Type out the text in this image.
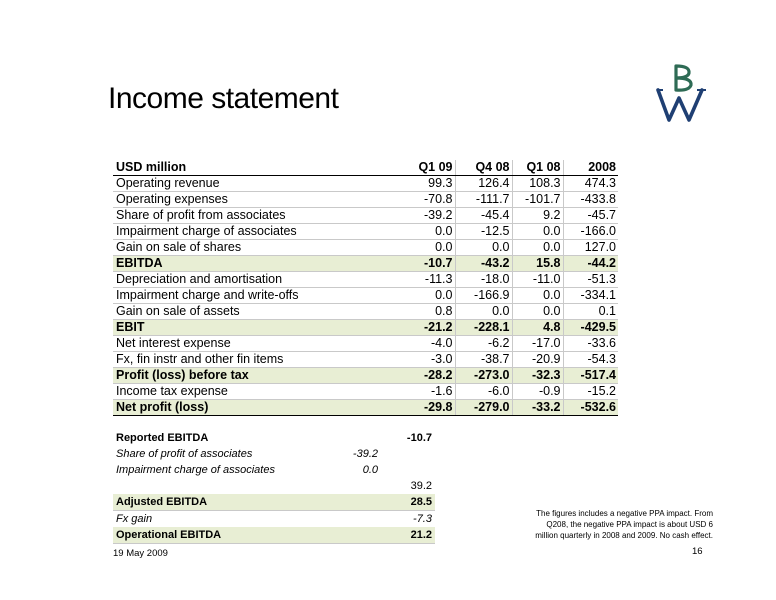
Income statement
USD million	Q1 09	Q4 08	Q1 08	2008
Operating revenue	99.3	126.4	108.3	474.3
Operating expenses	-70.8	-111.7	-101.7	-433.8
Share of profit from associates	-39.2	-45.4	9.2	-45.7
Impairment charge of associates	0.0	-12.5	0.0	-166.0
Gain on sale of shares	0.0	0.0	0.0	127.0
EBITDA	-10.7	-43.2	15.8	-44.2
Depreciation and amortisation	-11.3	-18.0	-11.0	-51.3
Impairment charge and write-offs	0.0	-166.9	0.0	-334.1
Gain on sale of assets	0.8	0.0	0.0	0.1
EBIT	-21.2	-228.1	4.8	-429.5
Net interest expense	-4.0	-6.2	-17.0	-33.6
Fx, fin instr and other fin items	-3.0	-38.7	-20.9	-54.3
Profit (loss) before tax	-28.2	-273.0	-32.3	-517.4
Income tax expense	-1.6	-6.0	-0.9	-15.2
Net profit (loss)	-29.8	-279.0	-33.2	-532.6
Reported EBITDA		-10.7
Share of profit of associates	-39.2	
Impairment charge of associates	0.0	
		39.2
Adjusted EBITDA		28.5
Fx gain		-7.3
Operational EBITDA		21.2
The figures includes a negative PPA impact. From Q208, the negative PPA impact is about USD 6 million quarterly in 2008 and 2009. No cash effect.
19 May 2009	16
